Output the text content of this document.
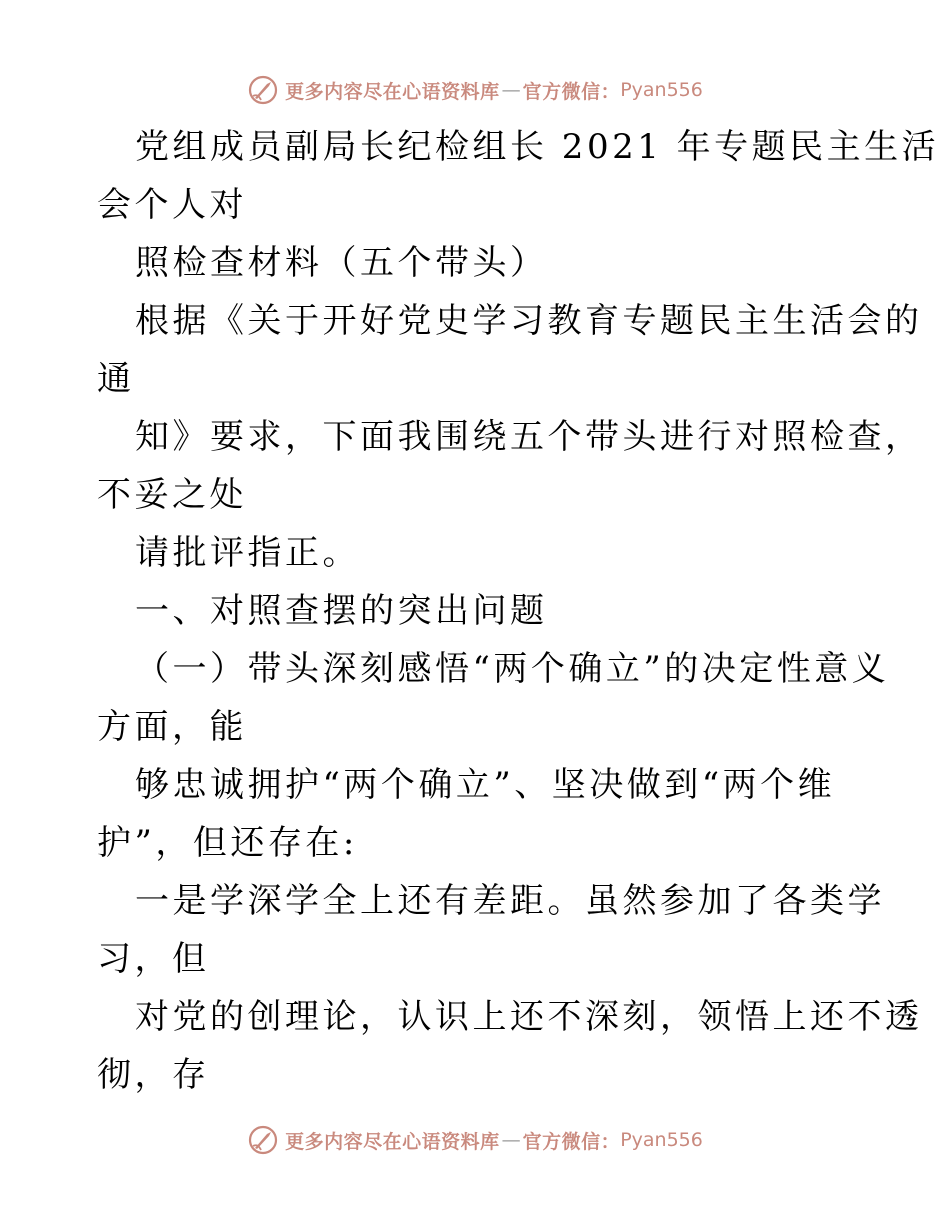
更多内容尽在心语资料库 — 官方微信： Pyan556
党组成员副局长纪检组长 2021 年专题民主生活
会个人对
照检查材料（五个带头）
根据《关于开好党史学习教育专题民主生活会的
通
知》要求，下面我围绕五个带头进行对照检查，
不妥之处
请批评指正。
一、对照查摆的突出问题
（一）带头深刻感悟“两个确立”的决定性意义
方面，能
够忠诚拥护“两个确立”、坚决做到“两个维
护”，但还存在:
一是学深学全上还有差距。虽然参加了各类学
习，但
对党的创理论，认识上还不深刻，领悟上还不透
彻，存
更多内容尽在心语资料库 — 官方微信： Pyan556
